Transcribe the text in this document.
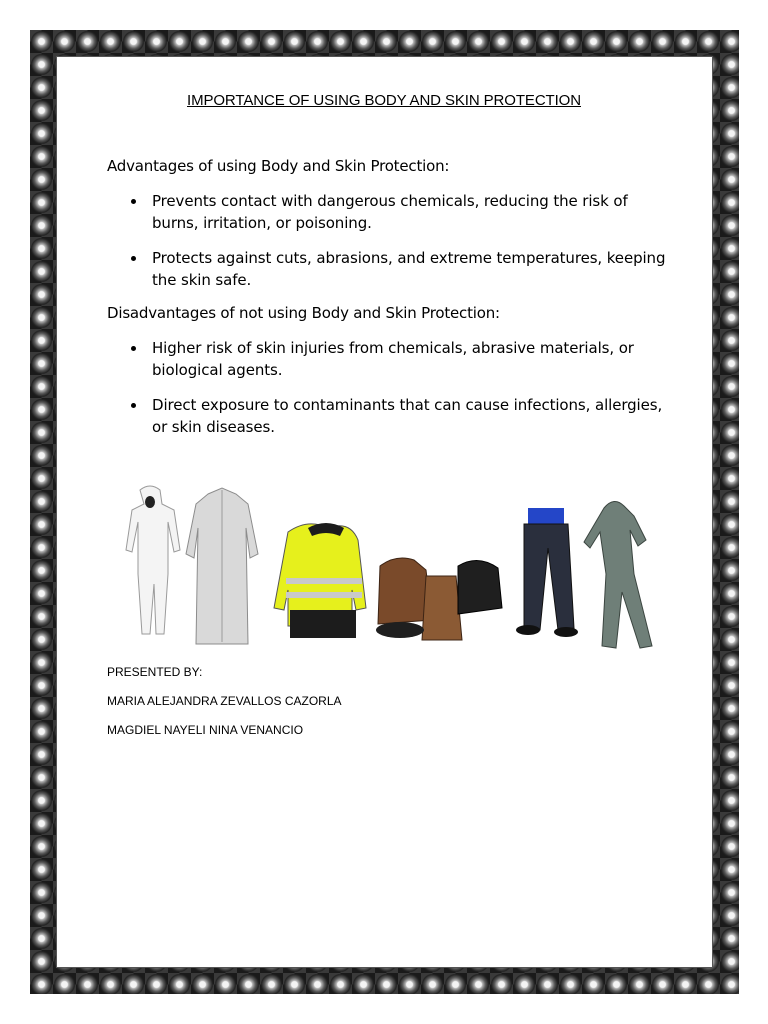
IMPORTANCE OF USING BODY AND SKIN PROTECTION
Advantages of using Body and Skin Protection:
Prevents contact with dangerous chemicals, reducing the risk of burns, irritation, or poisoning.
Protects against cuts, abrasions, and extreme temperatures, keeping the skin safe.
Disadvantages of not using Body and Skin Protection:
Higher risk of skin injuries from chemicals, abrasive materials, or biological agents.
Direct exposure to contaminants that can cause infections, allergies, or skin diseases.
PRESENTED BY:
MARIA ALEJANDRA ZEVALLOS CAZORLA
MAGDIEL NAYELI NINA VENANCIO
